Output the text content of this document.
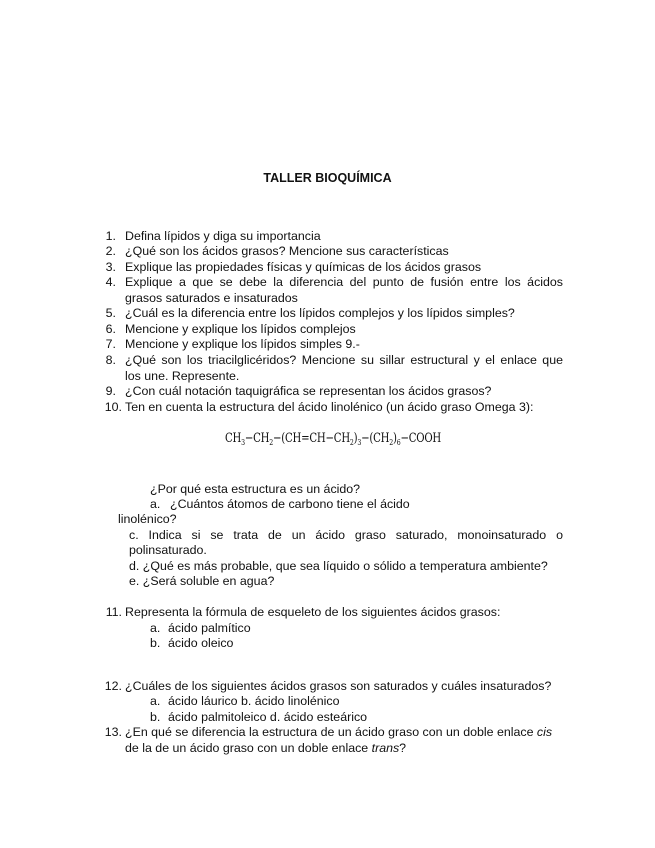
TALLER BIOQUÍMICA
1. Defina lípidos y diga su importancia
2. ¿Qué son los ácidos grasos? Mencione sus características
3. Explique las propiedades físicas y químicas de los ácidos grasos
4. Explique a que se debe la diferencia del punto de fusión entre los ácidos
grasos saturados e insaturados
5. ¿Cuál es la diferencia entre los lípidos complejos y los lípidos simples?
6. Mencione y explique los lípidos complejos
7. Mencione y explique los lípidos simples 9.-
8. ¿Qué son los triacilglicéridos? Mencione su sillar estructural y el enlace que
los une. Represente.
9. ¿Con cuál notación taquigráfica se representan los ácidos grasos?
10. Ten en cuenta la estructura del ácido linolénico (un ácido graso Omega 3):
$CH_3-CH_2-(CH=CH-CH_2)_3-(CH_2)_6-COOH$
¿Por qué esta estructura es un ácido?
a. ¿Cuántos átomos de carbono tiene el ácido
linolénico?
c. Indica si se trata de un ácido graso saturado, monoinsaturado o
polinsaturado.
d. ¿Qué es más probable, que sea líquido o sólido a temperatura ambiente?
e. ¿Será soluble en agua?
11. Representa la fórmula de esqueleto de los siguientes ácidos grasos:
a. ácido palmítico
b. ácido oleico
12. ¿Cuáles de los siguientes ácidos grasos son saturados y cuáles insaturados?
a. ácido láurico b. ácido linolénico
b. ácido palmitoleico d. ácido esteárico
13. ¿En qué se diferencia la estructura de un ácido graso con un doble enlace cis
de la de un ácido graso con un doble enlace trans?
